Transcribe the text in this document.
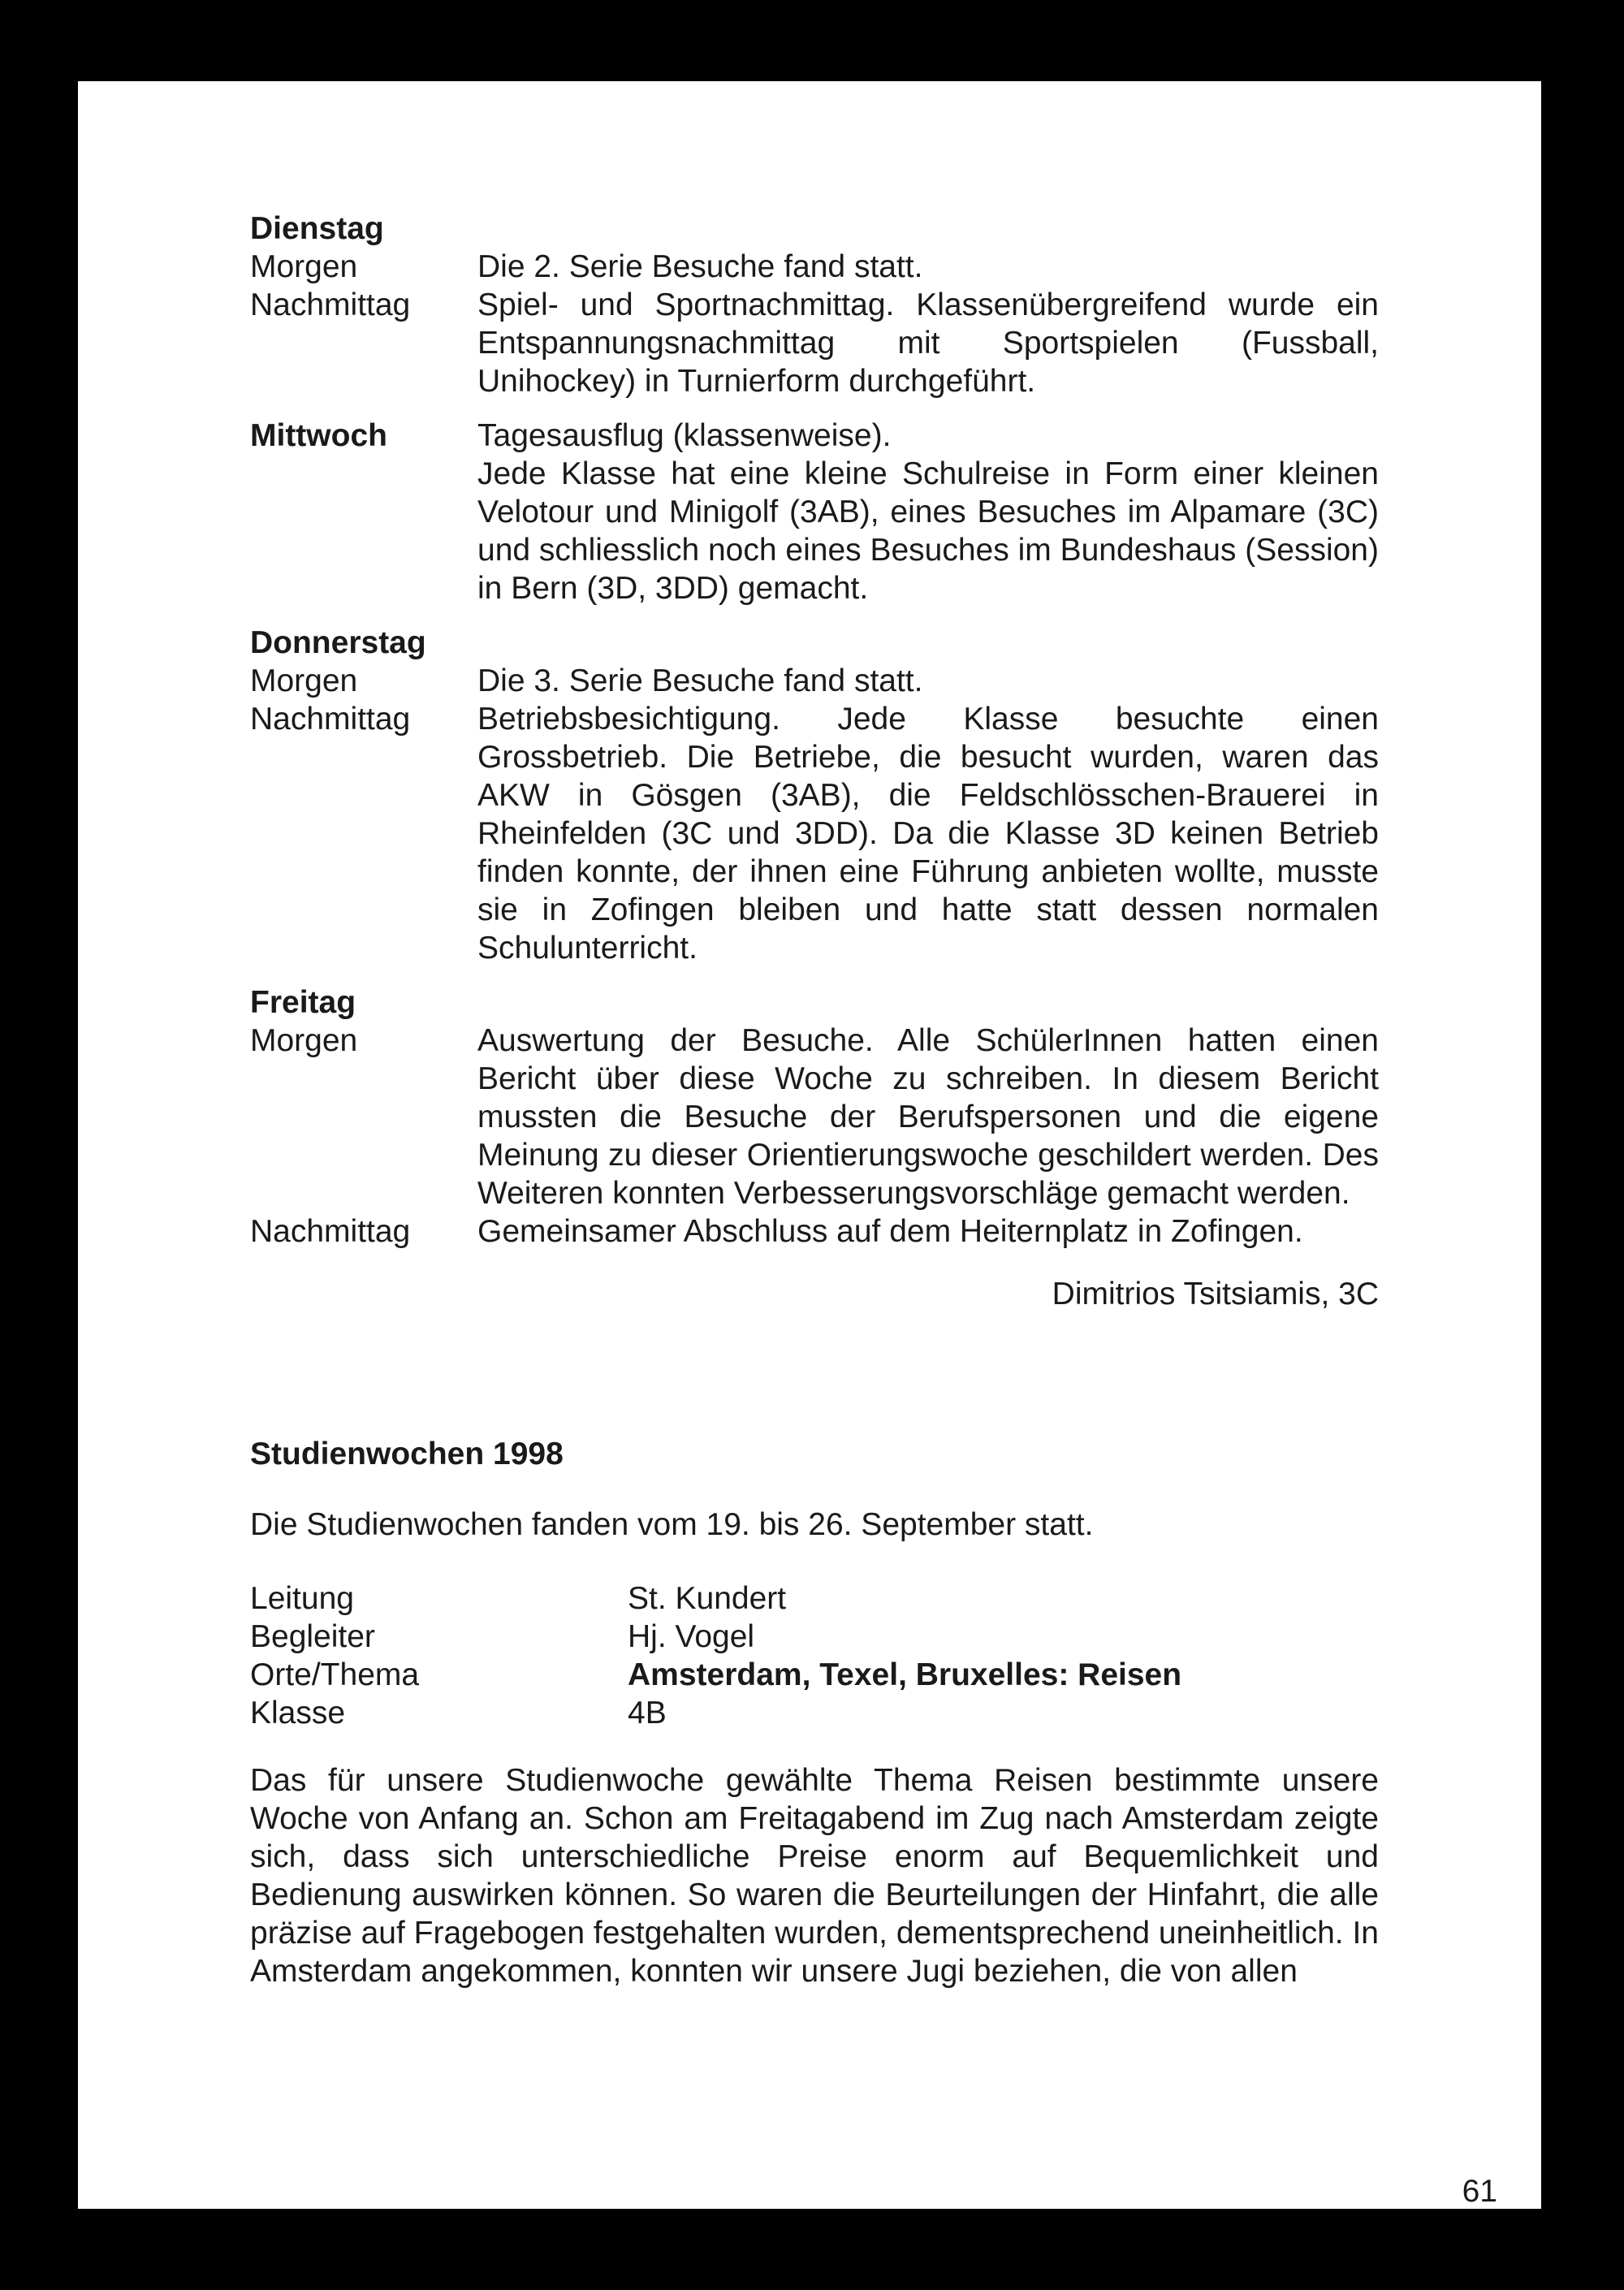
Dienstag
Morgen	Die 2. Serie Besuche fand statt.
Nachmittag	Spiel- und Sportnachmittag. Klassenübergreifend wurde ein Entspannungsnachmittag mit Sportspielen (Fussball, Unihockey) in Turnierform durchgeführt.
Mittwoch	Tagesausflug (klassenweise).
Jede Klasse hat eine kleine Schulreise in Form einer kleinen Velotour und Minigolf (3AB), eines Besuches im Alpamare (3C) und schliesslich noch eines Besuches im Bundeshaus (Session) in Bern (3D, 3DD) gemacht.
Donnerstag
Morgen	Die 3. Serie Besuche fand statt.
Nachmittag	Betriebsbesichtigung. Jede Klasse besuchte einen Grossbetrieb. Die Betriebe, die besucht wurden, waren das AKW in Gösgen (3AB), die Feldschlösschen-Brauerei in Rheinfelden (3C und 3DD). Da die Klasse 3D keinen Betrieb finden konnte, der ihnen eine Führung anbieten wollte, musste sie in Zofingen bleiben und hatte statt dessen normalen Schulunterricht.
Freitag
Morgen	Auswertung der Besuche. Alle SchülerInnen hatten einen Bericht über diese Woche zu schreiben. In diesem Bericht mussten die Besuche der Berufspersonen und die eigene Meinung zu dieser Orientierungswoche geschildert werden. Des Weiteren konnten Verbesserungsvorschläge gemacht werden.
Nachmittag	Gemeinsamer Abschluss auf dem Heiternplatz in Zofingen.
Dimitrios Tsitsiamis, 3C
Studienwochen 1998
Die Studienwochen fanden vom 19. bis 26. September statt.
Leitung	St. Kundert
Begleiter	Hj. Vogel
Orte/Thema	Amsterdam, Texel, Bruxelles: Reisen
Klasse	4B
Das für unsere Studienwoche gewählte Thema Reisen bestimmte unsere Woche von Anfang an. Schon am Freitagabend im Zug nach Amsterdam zeigte sich, dass sich unterschiedliche Preise enorm auf Bequemlichkeit und Bedienung auswirken können. So waren die Beurteilungen der Hinfahrt, die alle präzise auf Fragebogen festgehalten wurden, dementsprechend uneinheitlich. In Amsterdam angekommen, konnten wir unsere Jugi beziehen, die von allen
61
